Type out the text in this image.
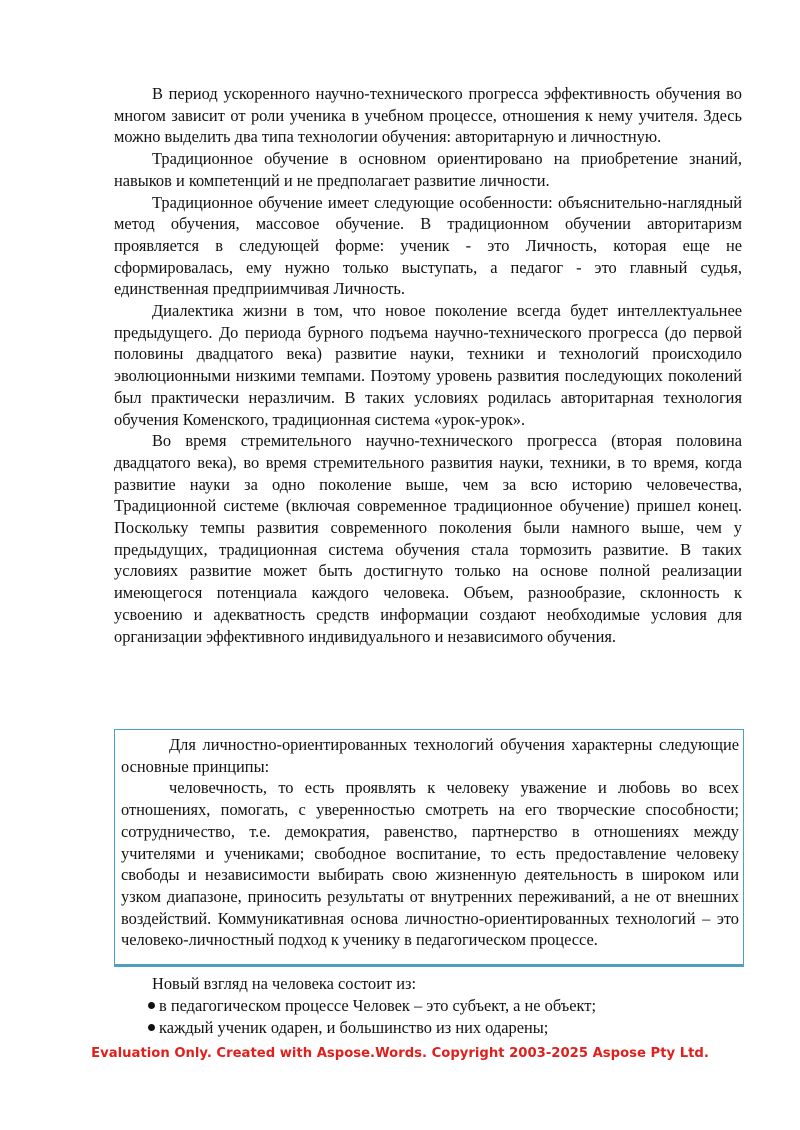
В период ускоренного научно-технического прогресса эффективность обучения во многом зависит от роли ученика в учебном процессе, отношения к нему учителя. Здесь можно выделить два типа технологии обучения: авторитарную и личностную.

Традиционное обучение в основном ориентировано на приобретение знаний, навыков и компетенций и не предполагает развитие личности.

Традиционное обучение имеет следующие особенности: объяснительно-наглядный метод обучения, массовое обучение. В традиционном обучении авторитаризм проявляется в следующей форме: ученик - это Личность, которая еще не сформировалась, ему нужно только выступать, а педагог - это главный судья, единственная предприимчивая Личность.

Диалектика жизни в том, что новое поколение всегда будет интеллектуальнее предыдущего. До периода бурного подъема научно-технического прогресса (до первой половины двадцатого века) развитие науки, техники и технологий происходило эволюционными низкими темпами. Поэтому уровень развития последующих поколений был практически неразличим. В таких условиях родилась авторитарная технология обучения Коменского, традиционная система «урок-урок».

Во время стремительного научно-технического прогресса (вторая половина двадцатого века), во время стремительного развития науки, техники, в то время, когда развитие науки за одно поколение выше, чем за всю историю человечества, Традиционной системе (включая современное традиционное обучение) пришел конец. Поскольку темпы развития современного поколения были намного выше, чем у предыдущих, традиционная система обучения стала тормозить развитие. В таких условиях развитие может быть достигнуто только на основе полной реализации имеющегося потенциала каждого человека. Объем, разнообразие, склонность к усвоению и адекватность средств информации создают необходимые условия для организации эффективного индивидуального и независимого обучения.

Для личностно-ориентированных технологий обучения характерны следующие основные принципы:

человечность, то есть проявлять к человеку уважение и любовь во всех отношениях, помогать, с уверенностью смотреть на его творческие способности; сотрудничество, т.е. демократия, равенство, партнерство в отношениях между учителями и учениками; свободное воспитание, то есть предоставление человеку свободы и независимости выбирать свою жизненную деятельность в широком или узком диапазоне, приносить результаты от внутренних переживаний, а не от внешних воздействий. Коммуникативная основа личностно-ориентированных технологий – это человеко-личностный подход к ученику в педагогическом процессе.

Новый взгляд на человека состоит из:

в педагогическом процессе Человек – это субъект, а не объект;
каждый ученик одарен, и большинство из них одарены;
Evaluation Only. Created with Aspose.Words. Copyright 2003-2025 Aspose Pty Ltd.
